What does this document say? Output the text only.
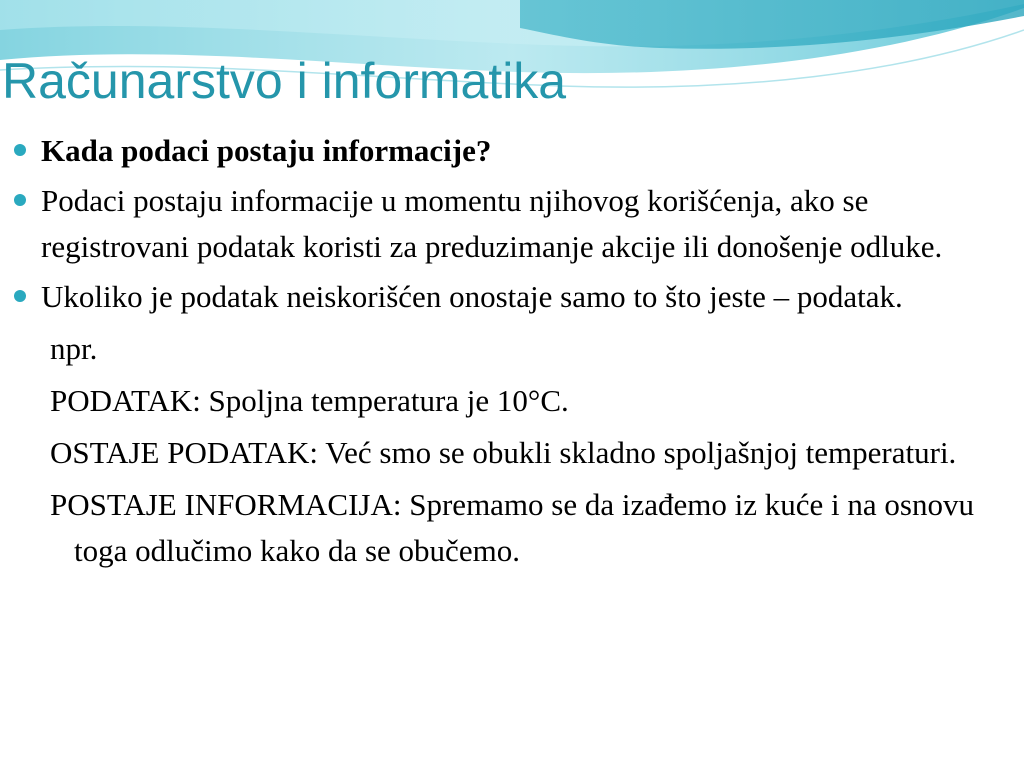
Računarstvo i informatika
Kada podaci postaju informacije?
Podaci postaju informacije u momentu njihovog korišćenja, ako se registrovani podatak koristi za preduzimanje akcije ili donošenje odluke.
Ukoliko je podatak neiskorišćen onostaje samo to što jeste – podatak.
npr.
PODATAK: Spoljna temperatura je 10°C.
OSTAJE PODATAK: Već smo se obukli skladno spoljašnjoj temperaturi.
POSTAJE INFORMACIJA: Spremamo se da izađemo iz kuće i na osnovu toga odlučimo kako da se obučemo.
